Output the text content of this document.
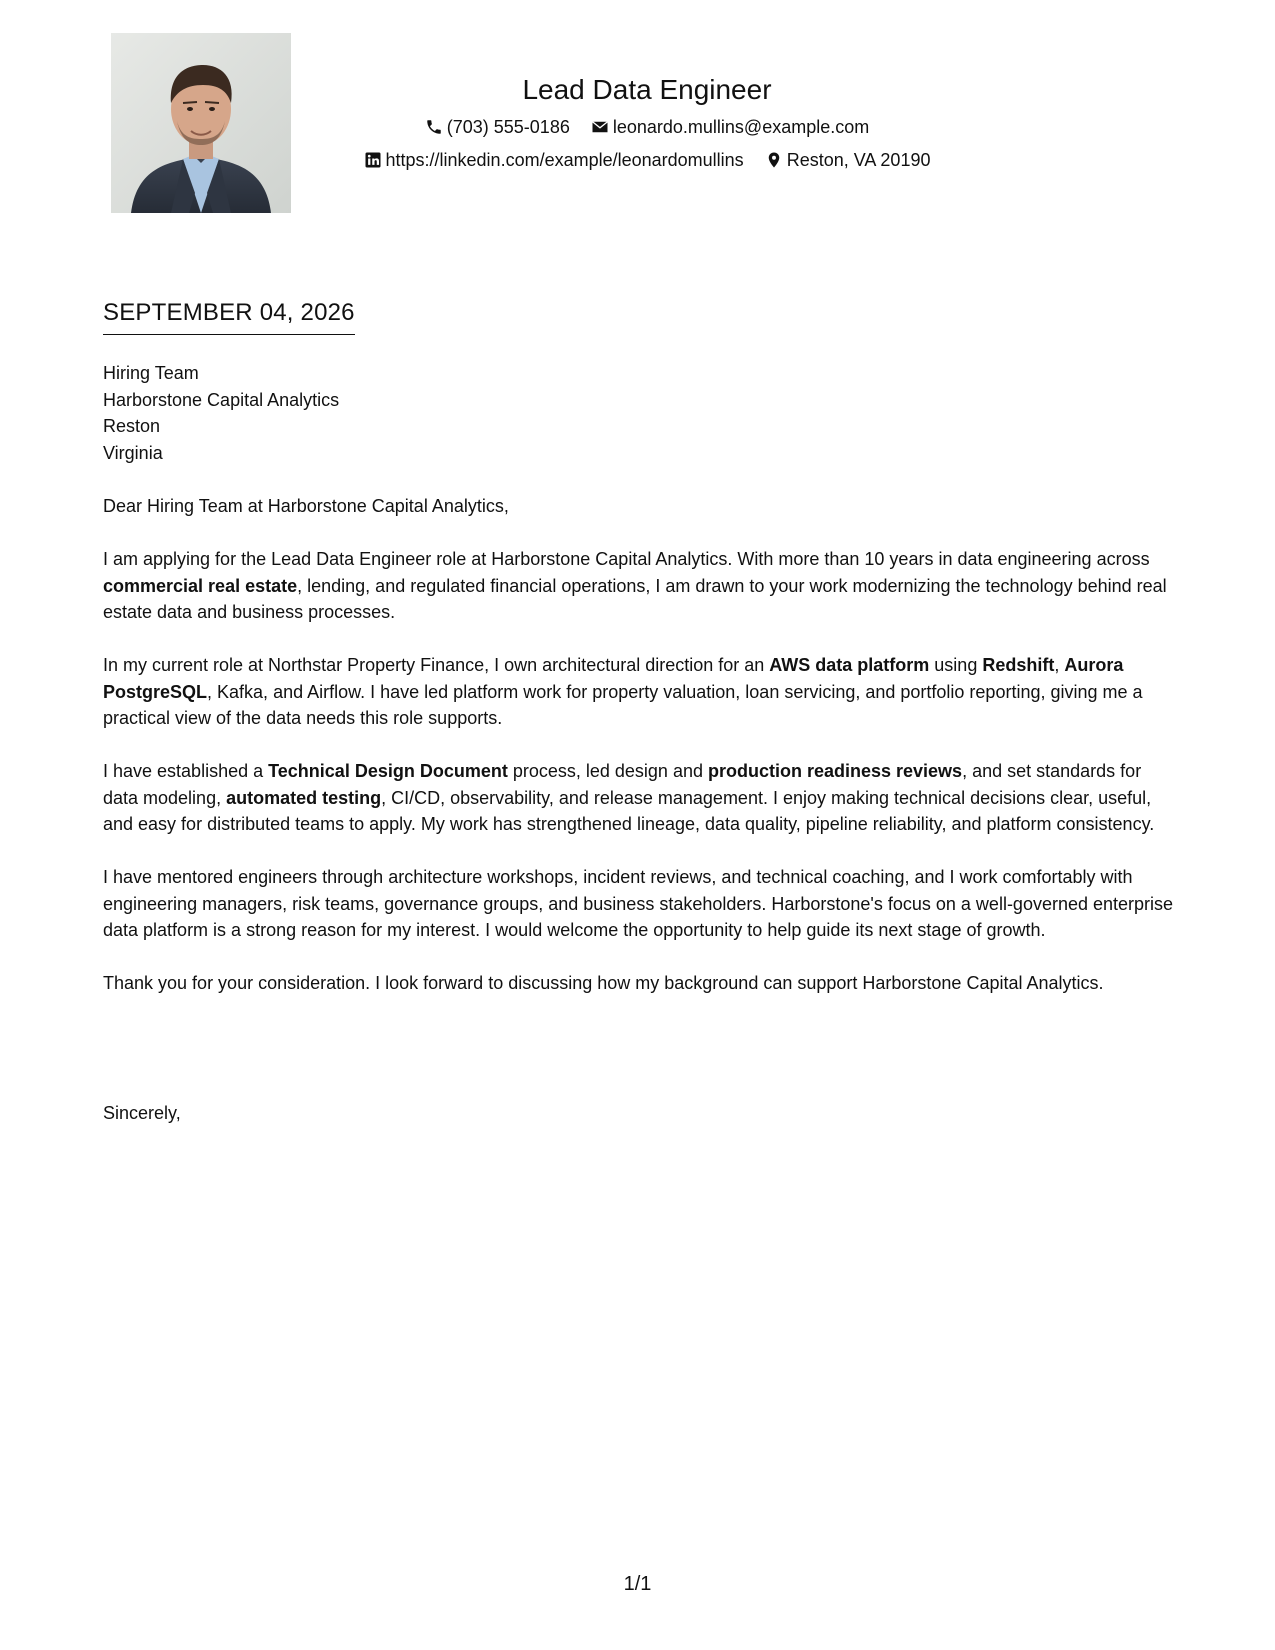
Lead Data Engineer
(703) 555-0186
leonardo.mullins@example.com
https://linkedin.com/example/leonardomullins
Reston, VA 20190
SEPTEMBER 04, 2026
Hiring Team
Harborstone Capital Analytics
Reston
Virginia

Dear Hiring Team at Harborstone Capital Analytics,

I am applying for the Lead Data Engineer role at Harborstone Capital Analytics. With more than 10 years in data engineering across commercial real estate, lending, and regulated financial operations, I am drawn to your work modernizing the technology behind real estate data and business processes.

In my current role at Northstar Property Finance, I own architectural direction for an AWS data platform using Redshift, Aurora PostgreSQL, Kafka, and Airflow. I have led platform work for property valuation, loan servicing, and portfolio reporting, giving me a practical view of the data needs this role supports.

I have established a Technical Design Document process, led design and production readiness reviews, and set standards for data modeling, automated testing, CI/CD, observability, and release management. I enjoy making technical decisions clear, useful, and easy for distributed teams to apply. My work has strengthened lineage, data quality, pipeline reliability, and platform consistency.

I have mentored engineers through architecture workshops, incident reviews, and technical coaching, and I work comfortably with engineering managers, risk teams, governance groups, and business stakeholders. Harborstone's focus on a well-governed enterprise data platform is a strong reason for my interest. I would welcome the opportunity to help guide its next stage of growth.

Thank you for your consideration. I look forward to discussing how my background can support Harborstone Capital Analytics.

Sincerely,
1/1
